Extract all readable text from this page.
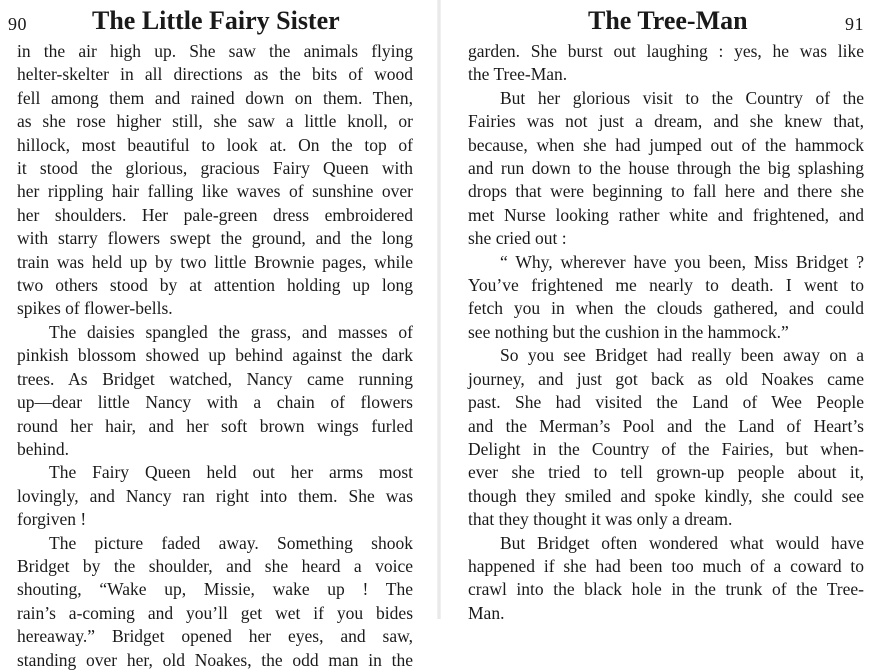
90	The Little Fairy Sister
in the air high up. She saw the animals flying
helter-skelter in all directions as the bits of wood
fell among them and rained down on them. Then,
as she rose higher still, she saw a little knoll, or
hillock, most beautiful to look at. On the top of
it stood the glorious, gracious Fairy Queen with
her rippling hair falling like waves of sunshine over
her shoulders. Her pale-green dress embroidered
with starry flowers swept the ground, and the long
train was held up by two little Brownie pages, while
two others stood by at attention holding up long
spikes of flower-bells.
The daisies spangled the grass, and masses of
pinkish blossom showed up behind against the dark
trees. As Bridget watched, Nancy came running
up—dear little Nancy with a chain of flowers
round her hair, and her soft brown wings furled
behind.
The Fairy Queen held out her arms most
lovingly, and Nancy ran right into them. She was
forgiven !
The picture faded away. Something shook
Bridget by the shoulder, and she heard a voice
shouting, “Wake up, Missie, wake up ! The
rain’s a-coming and you’ll get wet if you bides
hereaway.” Bridget opened her eyes, and saw,
standing over her, old Noakes, the odd man in the
The Tree-Man	91
garden. She burst out laughing : yes, he was like
the Tree-Man.
But her glorious visit to the Country of the
Fairies was not just a dream, and she knew that,
because, when she had jumped out of the hammock
and run down to the house through the big splashing
drops that were beginning to fall here and there she
met Nurse looking rather white and frightened, and
she cried out :
“ Why, wherever have you been, Miss Bridget ?
You’ve frightened me nearly to death. I went to
fetch you in when the clouds gathered, and could
see nothing but the cushion in the hammock.”
So you see Bridget had really been away on a
journey, and just got back as old Noakes came
past. She had visited the Land of Wee People
and the Merman’s Pool and the Land of Heart’s
Delight in the Country of the Fairies, but when-
ever she tried to tell grown-up people about it,
though they smiled and spoke kindly, she could see
that they thought it was only a dream.
But Bridget often wondered what would have
happened if she had been too much of a coward to
crawl into the black hole in the trunk of the Tree-
Man.
